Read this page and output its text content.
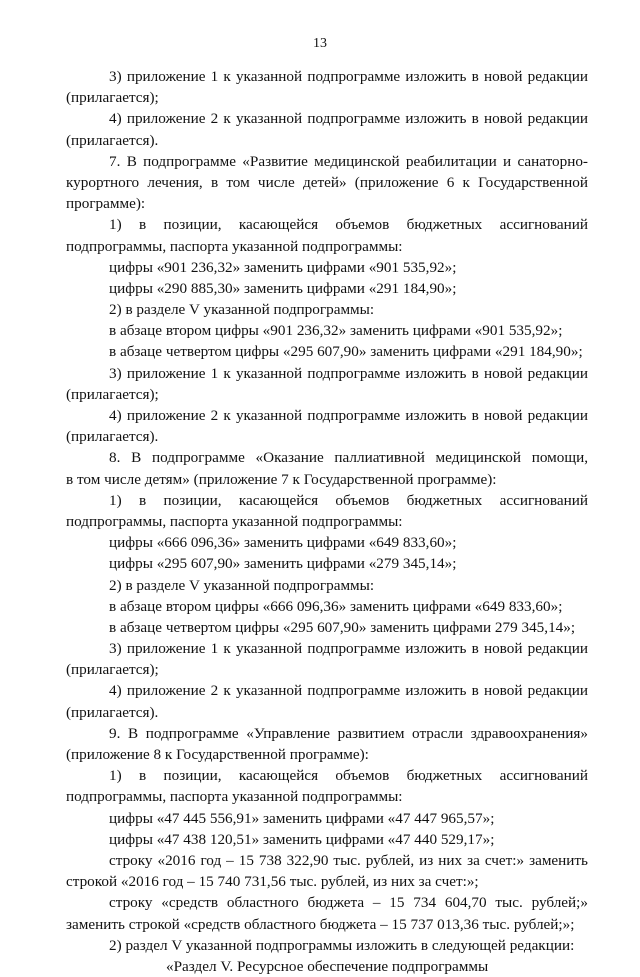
13
3) приложение 1 к указанной подпрограмме изложить в новой редакции
(прилагается);
4) приложение 2 к указанной подпрограмме изложить в новой редакции
(прилагается).
7. В подпрограмме «Развитие медицинской реабилитации и санаторно-
курортного лечения, в том числе детей» (приложение 6 к Государственной
программе):
1) в позиции, касающейся объемов бюджетных ассигнований
подпрограммы, паспорта указанной подпрограммы:
цифры «901 236,32» заменить цифрами «901 535,92»;
цифры «290 885,30» заменить цифрами «291 184,90»;
2) в разделе V указанной подпрограммы:
в абзаце втором цифры «901 236,32» заменить цифрами «901 535,92»;
в абзаце четвертом цифры «295 607,90» заменить цифрами «291 184,90»;
3) приложение 1 к указанной подпрограмме изложить в новой редакции
(прилагается);
4) приложение 2 к указанной подпрограмме изложить в новой редакции
(прилагается).
8. В подпрограмме «Оказание паллиативной медицинской помощи,
в том числе детям» (приложение 7 к Государственной программе):
1) в позиции, касающейся объемов бюджетных ассигнований
подпрограммы, паспорта указанной подпрограммы:
цифры «666 096,36» заменить цифрами «649 833,60»;
цифры «295 607,90» заменить цифрами «279 345,14»;
2) в разделе V указанной подпрограммы:
в абзаце втором цифры «666 096,36» заменить цифрами «649 833,60»;
в абзаце четвертом цифры «295 607,90» заменить цифрами 279 345,14»;
3) приложение 1 к указанной подпрограмме изложить в новой редакции
(прилагается);
4) приложение 2 к указанной подпрограмме изложить в новой редакции
(прилагается).
9. В подпрограмме «Управление развитием отрасли здравоохранения»
(приложение 8 к Государственной программе):
1) в позиции, касающейся объемов бюджетных ассигнований
подпрограммы, паспорта указанной подпрограммы:
цифры «47 445 556,91» заменить цифрами «47 447 965,57»;
цифры «47 438 120,51» заменить цифрами «47 440 529,17»;
строку «2016 год – 15 738 322,90 тыс. рублей, из них за счет:» заменить
строкой «2016 год – 15 740 731,56 тыс. рублей, из них за счет:»;
строку «средств областного бюджета – 15 734 604,70 тыс. рублей;»
заменить строкой «средств областного бюджета – 15 737 013,36 тыс. рублей;»;
2) раздел V указанной подпрограммы изложить в следующей редакции:
«Раздел V. Ресурсное обеспечение подпрограммы
